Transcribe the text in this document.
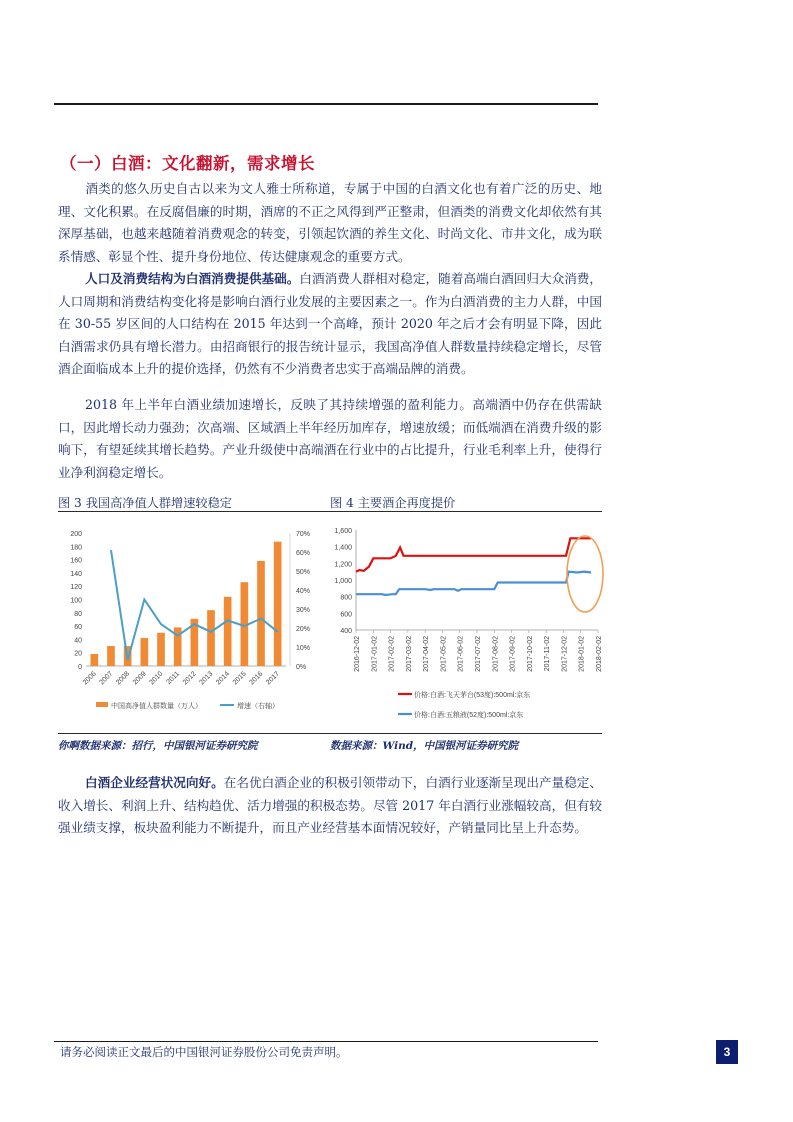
（一）白酒：文化翻新，需求增长
酒类的悠久历史自古以来为文人雅士所称道，专属于中国的白酒文化也有着广泛的历史、地理、文化积累。在反腐倡廉的时期，酒席的不正之风得到严正整肃，但酒类的消费文化却依然有其深厚基础，也越来越随着消费观念的转变，引领起饮酒的养生文化、时尚文化、市井文化，成为联系情感、彰显个性、提升身份地位、传达健康观念的重要方式。
人口及消费结构为白酒消费提供基础。白酒消费人群相对稳定，随着高端白酒回归大众消费，人口周期和消费结构变化将是影响白酒行业发展的主要因素之一。作为白酒消费的主力人群，中国在 30-55 岁区间的人口结构在 2015 年达到一个高峰，预计 2020 年之后才会有明显下降，因此白酒需求仍具有增长潜力。由招商银行的报告统计显示，我国高净值人群数量持续稳定增长，尽管酒企面临成本上升的提价选择，仍然有不少消费者忠实于高端品牌的消费。
2018 年上半年白酒业绩加速增长，反映了其持续增强的盈利能力。高端酒中仍存在供需缺口，因此增长动力强劲；次高端、区域酒上半年经历加库存，增速放缓；而低端酒在消费升级的影响下，有望延续其增长趋势。产业升级使中高端酒在行业中的占比提升，行业毛利率上升，使得行业净利润稳定增长。
图 3 我国高净值人群增速较稳定	图 4 主要酒企再度提价
0
20
40
60
80
100
120
140
160
180
200
0%
10%
20%
30%
40%
50%
60%
70%
2006 2007 2008 2009 2010 2011 2012 2013 2014 2015 2016 2017
中国高净值人群数量（万人）	增速（右轴）
400
600
800
1,000
1,200
1,400
1,600
2016-12-02 2017-01-02 2017-02-02 2017-03-02 2017-04-02 2017-05-02 2017-06-02 2017-07-02 2017-08-02 2017-09-02 2017-10-02 2017-11-02 2017-12-02 2018-01-02 2018-02-02
价格:白酒:飞天茅台(53度):500ml:京东
价格:白酒:五粮液(52度):500ml:京东
你啊数据来源：招行，中国银河证券研究院	数据来源：Wind，中国银河证券研究院
白酒企业经营状况向好。在名优白酒企业的积极引领带动下，白酒行业逐渐呈现出产量稳定、收入增长、利润上升、结构趋优、活力增强的积极态势。尽管 2017 年白酒行业涨幅较高，但有较强业绩支撑，板块盈利能力不断提升，而且产业经营基本面情况较好，产销量同比呈上升态势。
请务必阅读正文最后的中国银河证券股份公司免责声明。	3
